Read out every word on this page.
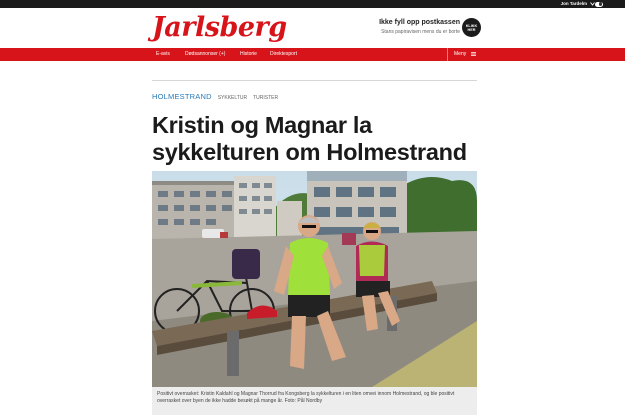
Jon Tardelm
Jarlsberg	Ikke fyll opp postkassen
Stans papiravisen mens du er borte
KLIKK
HER
E-avis	Dødsannonser (+)	Historie	Direktesport	Meny
HOLMESTRAND SYKKELTUR TURISTER
Kristin og Magnar la
sykkelturen om Holmestrand
Positivt overrasket: Kristin Kaldahl og Magnar Thorrud fra Kongsberg la sykkelturen i en liten omvei innom Holmestrand, og ble positivt overrasket over byen de ikke hadde besøkt på mange år. Foto: Pål Nordby
